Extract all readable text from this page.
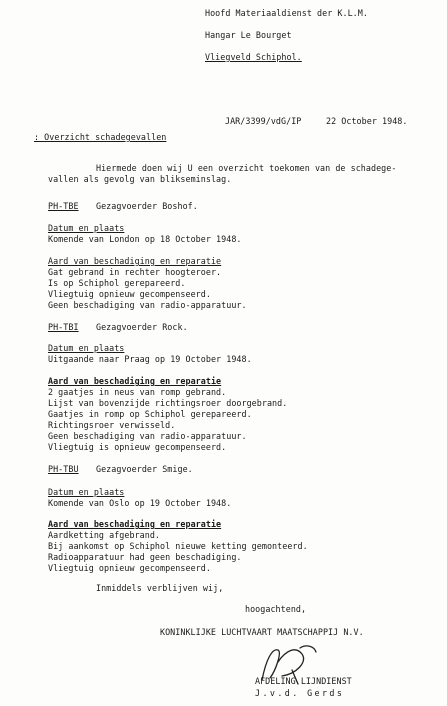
Hoofd Materiaaldienst der K.L.M.
Hangar Le Bourget
Vliegveld Schiphol.
JAR/3399/vdG/IP	22 October 1948.
: Overzicht schadegevallen
Hiermede doen wij U een overzicht toekomen van de schadege-
vallen als gevolg van blikseminslag.
PH-TBE Gezagvoerder Boshof.
Datum en plaats
Komende van London op 18 October 1948.
Aard van beschadiging en reparatie
Gat gebrand in rechter hoogteroer.
Is op Schiphol gerepareerd.
Vliegtuig opnieuw gecompenseerd.
Geen beschadiging van radio-apparatuur.
PH-TBI Gezagvoerder Rock.
Datum en plaats
Uitgaande naar Praag op 19 October 1948.
Aard van beschadiging en reparatie
2 gaatjes in neus van romp gebrand.
Lijst van bovenzijde richtingsroer doorgebrand.
Gaatjes in romp op Schiphol gerepareerd.
Richtingsroer verwisseld.
Geen beschadiging van radio-apparatuur.
Vliegtuig is opnieuw gecompenseerd.
PH-TBU Gezagvoerder Smige.
Datum en plaats
Komende van Oslo op 19 October 1948.
Aard van beschadiging en reparatie
Aardketting afgebrand.
Bij aankomst op Schiphol nieuwe ketting gemonteerd.
Radioapparatuur had geen beschadiging.
Vliegtuig opnieuw gecompenseerd.
Inmiddels verblijven wij,
hoogachtend,
KONINKLIJKE LUCHTVAART MAATSCHAPPIJ N.V.
AFDELING LIJNDIENST
J.v.d. Gerds
